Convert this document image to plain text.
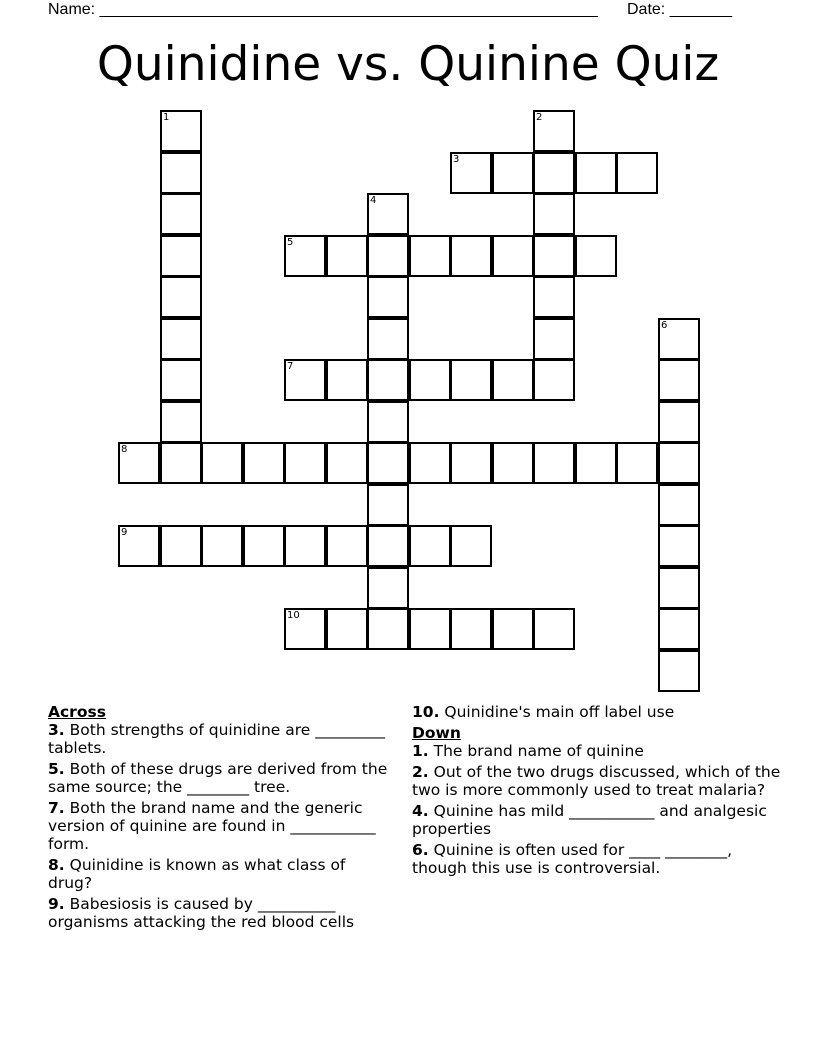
Name: ________________________________________________________ Date: _______
Quinidine vs. Quinine Quiz
1	2
3
4
5
6
7
8
9
10

Across

3. Both strengths of quinidine are _________ tablets.

5. Both of these drugs are derived from the same source; the ________ tree.

7. Both the brand name and the generic version of quinine are found in ___________ form.

8. Quinidine is known as what class of drug?

9. Babesiosis is caused by __________ organisms attacking the red blood cells

10. Quinidine's main off label use

Down

1. The brand name of quinine

2. Out of the two drugs discussed, which of the two is more commonly used to treat malaria?

4. Quinine has mild ___________ and analgesic properties

6. Quinine is often used for ____ ________, though this use is controversial.
